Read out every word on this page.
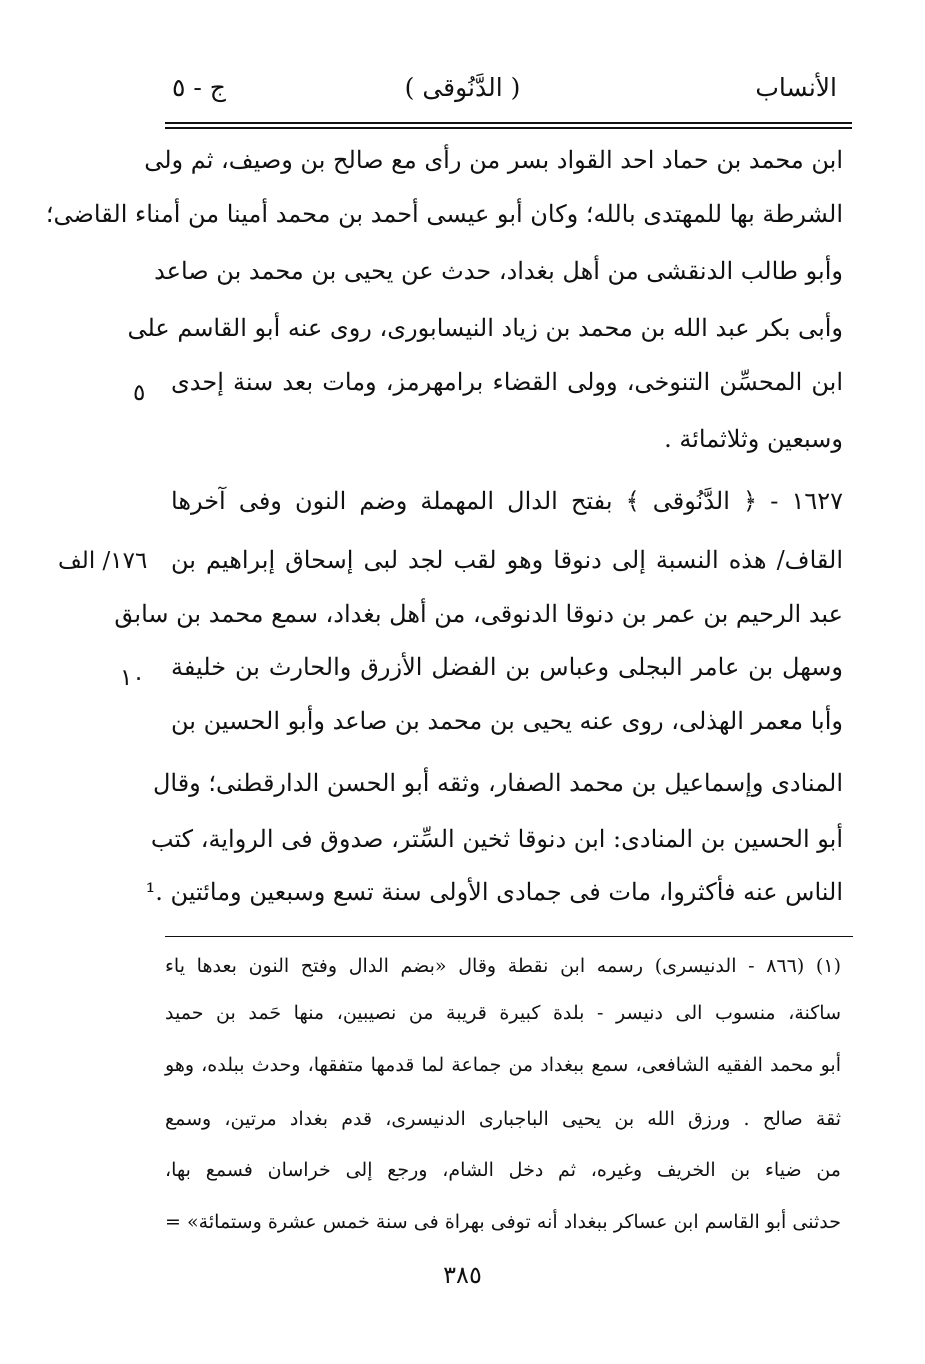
الأنساب
( الدَّنُوقى )
ج - ٥
ابن محمد بن حماد احد القواد بسر من رأى مع صالح بن وصيف، ثم ولى
الشرطة بها للمهتدى بالله؛ وكان أبو عيسى أحمد بن محمد أمينا من أمناء القاضى؛
وأبو طالب الدنقشى من أهل بغداد، حدث عن يحيى بن محمد بن صاعد
وأبى بكر عبد الله بن محمد بن زياد النيسابورى، روى عنه أبو القاسم على
ابن المحسِّن التنوخى، وولى القضاء برامهرمز، ومات بعد سنة إحدى
وسبعين وثلاثمائة .
١٦٢٧ - ﴿ الدَّنُوقى ﴾ بفتح الدال المهملة وضم النون وفى آخرها
القاف/ هذه النسبة إلى دنوقا وهو لقب لجد لبى إسحاق إبراهيم بن
عبد الرحيم بن عمر بن دنوقا الدنوقى، من أهل بغداد، سمع محمد بن سابق
وسهل بن عامر البجلى وعباس بن الفضل الأزرق والحارث بن خليفة
وأبا معمر الهذلى، روى عنه يحيى بن محمد بن صاعد وأبو الحسين بن
المنادى وإسماعيل بن محمد الصفار، وثقه أبو الحسن الدارقطنى؛ وقال
أبو الحسين بن المنادى: ابن دنوقا ثخين السِّتر، صدوق فى الرواية، كتب
الناس عنه فأكثروا، مات فى جمادى الأولى سنة تسع وسبعين ومائتين .¹
٥
١٧٦/ الف
١٠
(١) (٨٦٦ - الدنيسرى) رسمه ابن نقطة وقال «بضم الدال وفتح النون بعدها ياء
ساكنة، منسوب الى دنيسر - بلدة كبيرة قريبة من نصيبين، منها حَمد بن حميد
أبو محمد الفقيه الشافعى، سمع ببغداد من جماعة لما قدمها متفقها، وحدث ببلده، وهو
ثقة صالح . ورزق الله بن يحيى الباجبارى الدنيسرى، قدم بغداد مرتين، وسمع
من ضياء بن الخريف وغيره، ثم دخل الشام، ورجع إلى خراسان فسمع بها،
حدثنى أبو القاسم ابن عساكر ببغداد أنه توفى بهراة فى سنة خمس عشرة وستمائة» =
٣٨٥
